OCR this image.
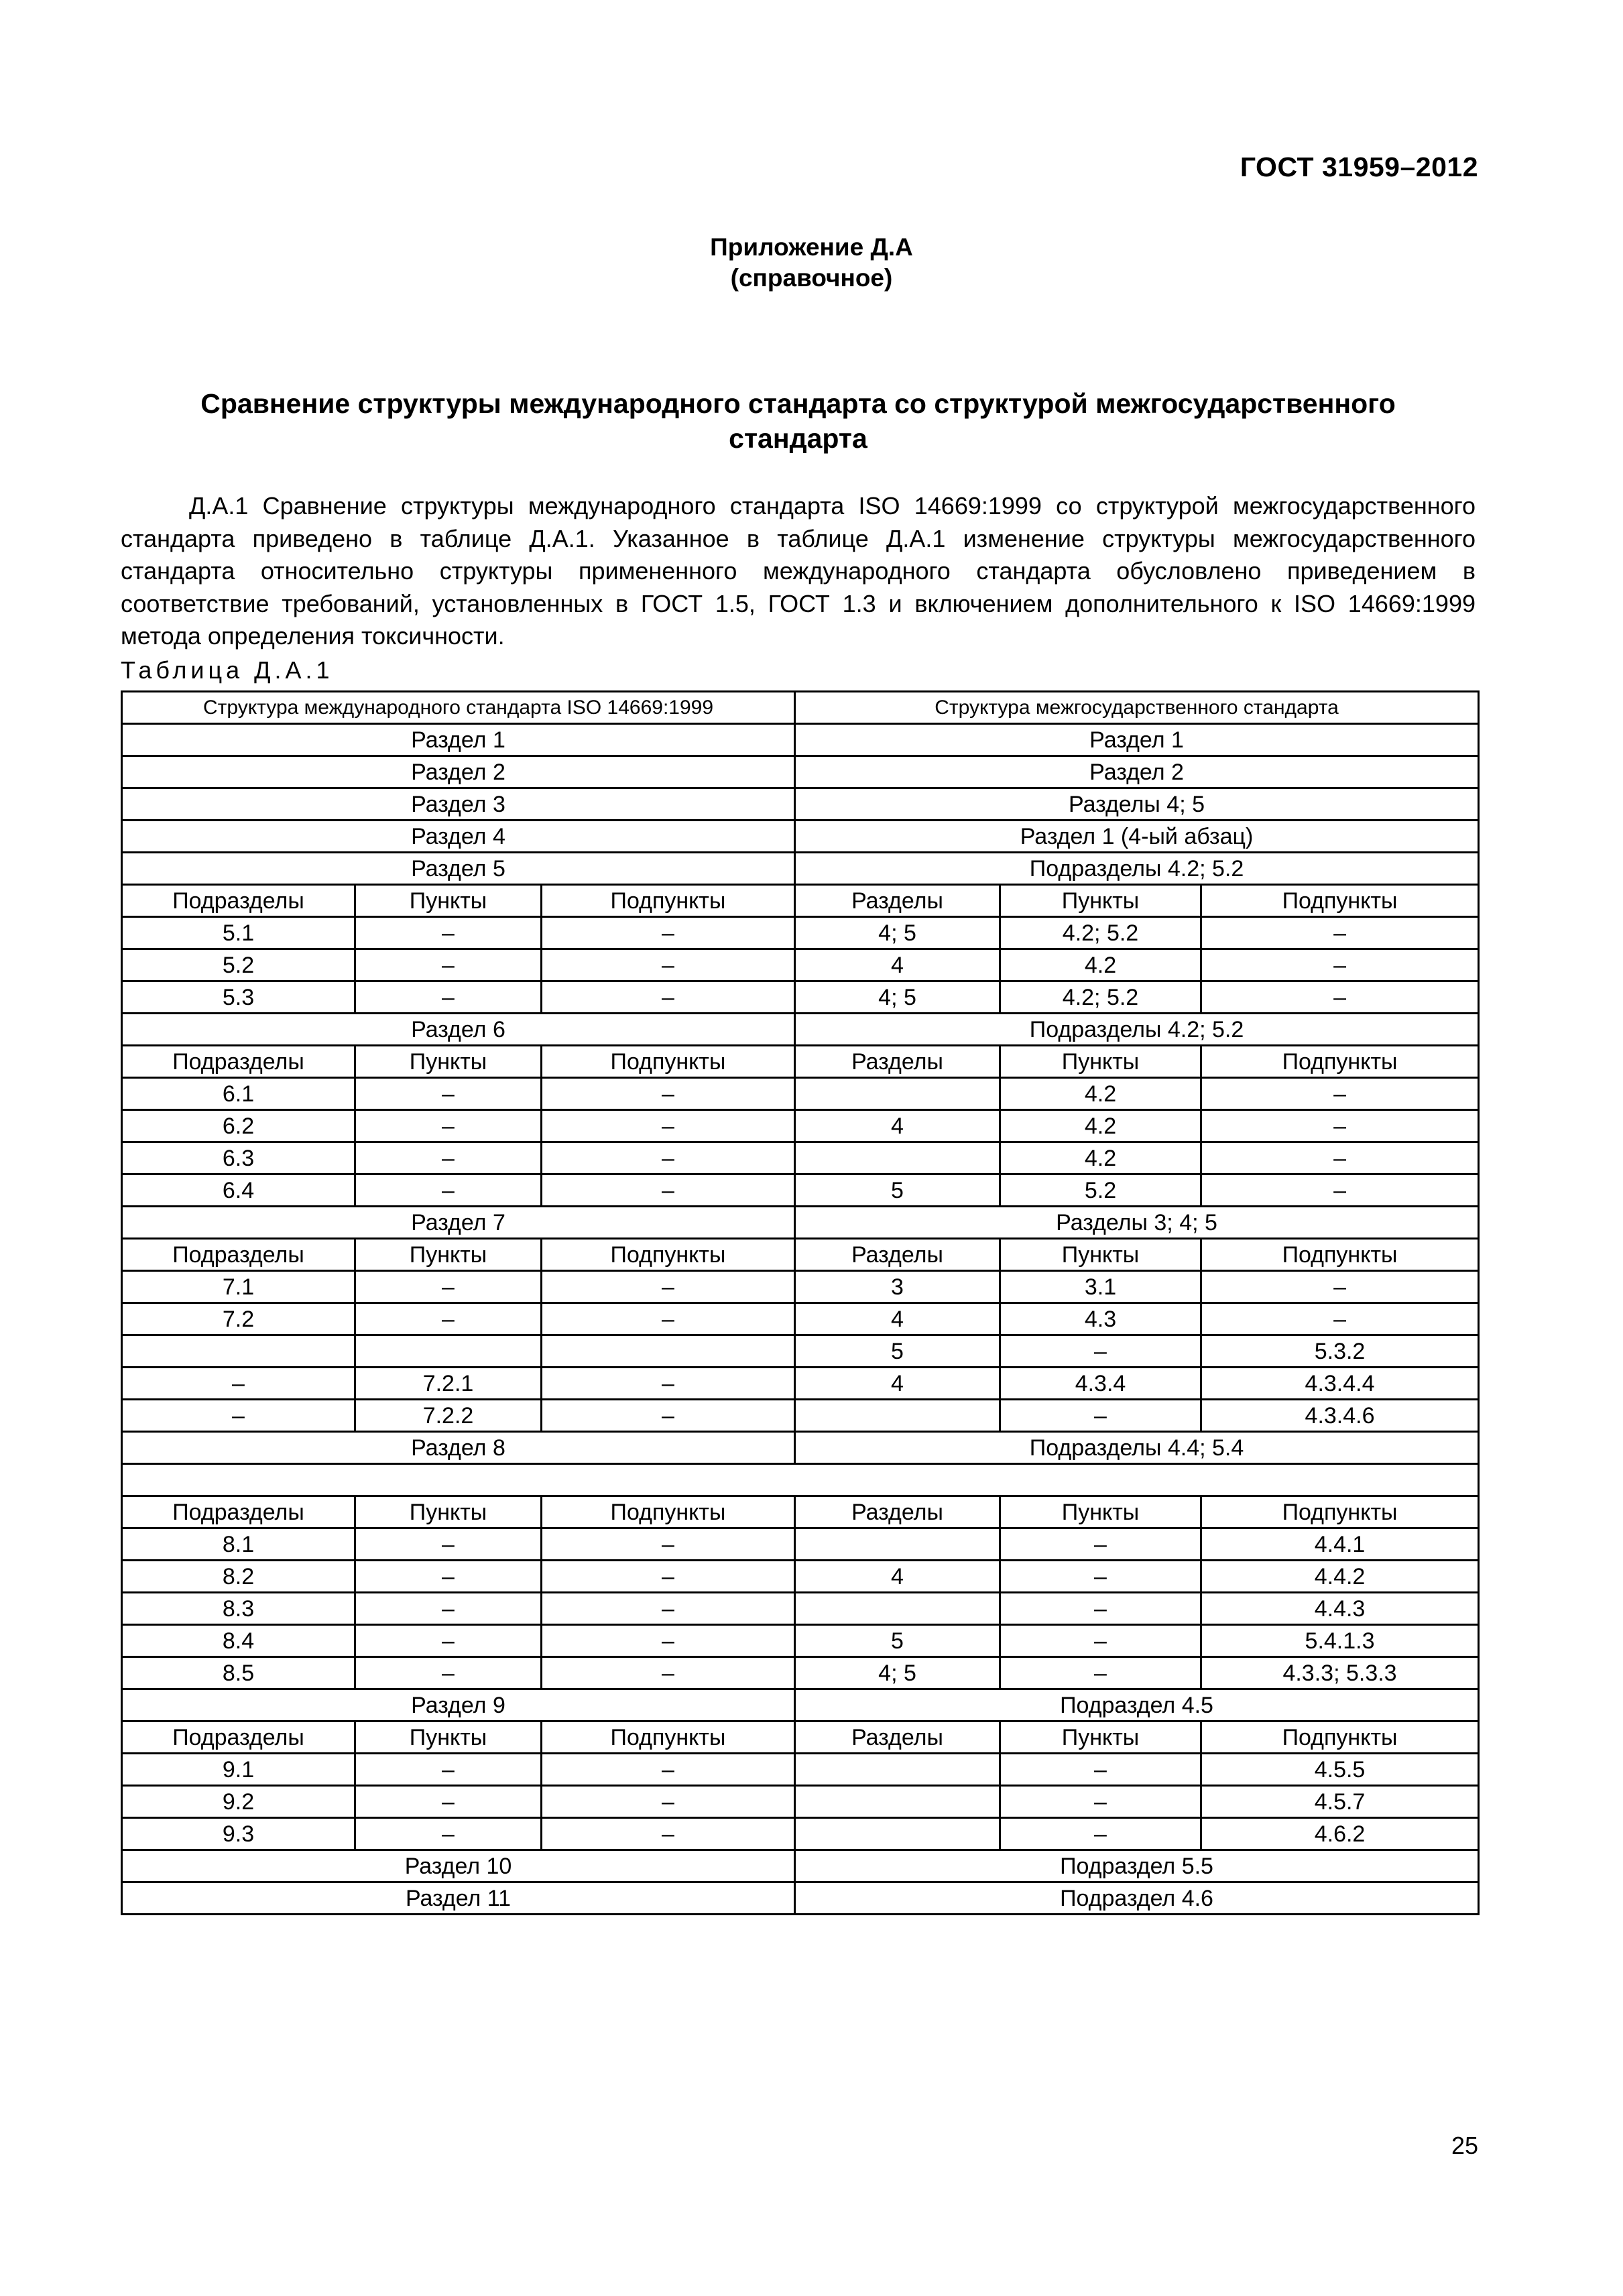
ГОСТ 31959–2012
Приложение Д.А
(справочное)
Сравнение структуры международного стандарта со структурой межгосударственного
стандарта

Д.А.1 Сравнение структуры международного стандарта ISO 14669:1999 со структурой межгосударственного стандарта приведено в таблице Д.А.1. Указанное в таблице Д.А.1 изменение структуры межгосударственного стандарта относительно структуры примененного международного стандарта обусловлено приведением в соответствие требований, установленных в ГОСТ 1.5, ГОСТ 1.3 и включением дополнительного к ISO 14669:1999 метода определения токсичности.

Таблица Д.А.1
Структура международного стандарта ISO 14669:1999			Структура межгосударственного стандарта		
Раздел 1			Раздел 1		
Раздел 2			Раздел 2		
Раздел 3			Разделы 4; 5		
Раздел 4			Раздел 1 (4-ый абзац)		
Раздел 5			Подразделы 4.2; 5.2		
Подразделы	Пункты	Подпункты	Разделы	Пункты	Подпункты
5.1	–	–	4; 5	4.2; 5.2	–
5.2	–	–	4	4.2	–
5.3	–	–	4; 5	4.2; 5.2	–
Раздел 6			Подразделы 4.2; 5.2		
Подразделы	Пункты	Подпункты	Разделы	Пункты	Подпункты
6.1	–	–		4.2	–
6.2	–	–	4	4.2	–
6.3	–	–		4.2	–
6.4	–	–	5	5.2	–
Раздел 7			Разделы 3; 4; 5		
Подразделы	Пункты	Подпункты	Разделы	Пункты	Подпункты
7.1	–	–	3	3.1	–
7.2	–	–	4	4.3	–
			5	–	5.3.2
–	7.2.1	–	4	4.3.4	4.3.4.4
–	7.2.2	–		–	4.3.4.6
Раздел 8			Подразделы 4.4; 5.4		

Подразделы	Пункты	Подпункты	Разделы	Пункты	Подпункты
8.1	–	–		–	4.4.1
8.2	–	–	4	–	4.4.2
8.3	–	–		–	4.4.3
8.4	–	–	5	–	5.4.1.3
8.5	–	–	4; 5	–	4.3.3; 5.3.3
Раздел 9			Подраздел 4.5		
Подразделы	Пункты	Подпункты	Разделы	Пункты	Подпункты
9.1	–	–		–	4.5.5
9.2	–	–		–	4.5.7
9.3	–	–		–	4.6.2
Раздел 10			Подраздел 5.5		
Раздел 11			Подраздел 4.6		
25
